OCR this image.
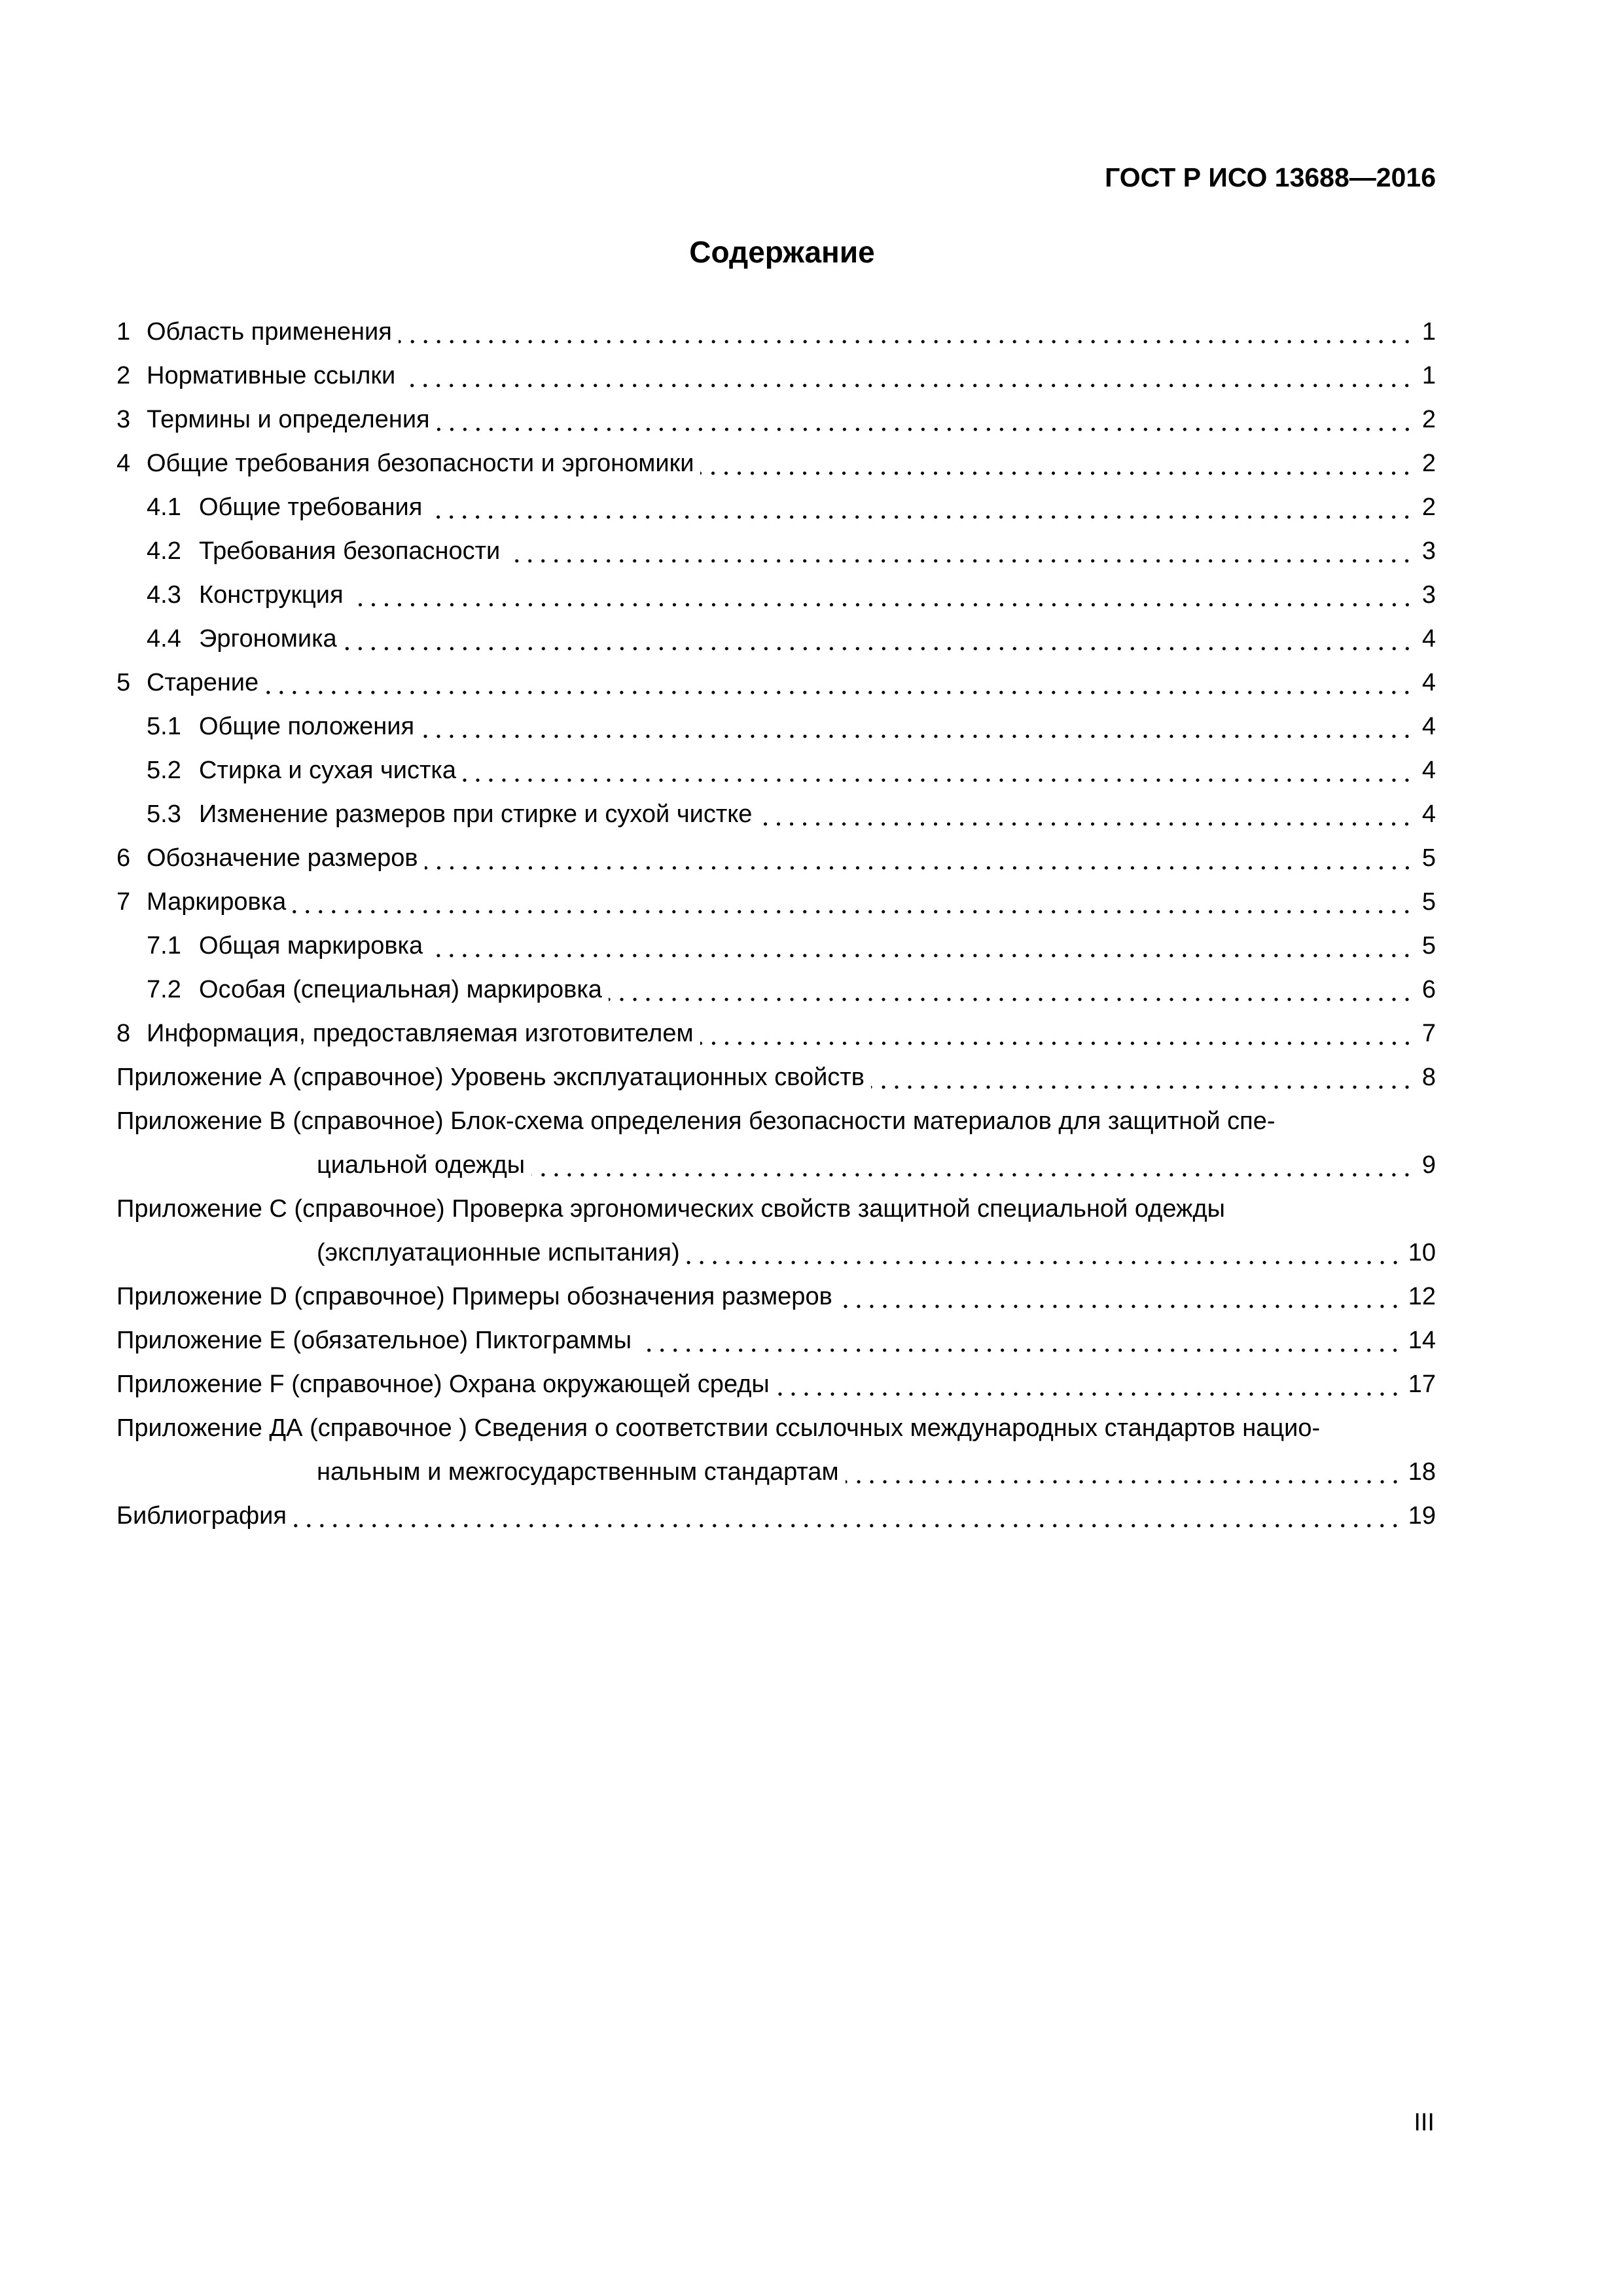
ГОСТ Р ИСО 13688—2016
Содержание
1 Область применения	1
2 Нормативные ссылки	1
3 Термины и определения	2
4 Общие требования безопасности и эргономики	2
4.1 Общие требования	2
4.2 Требования безопасности	3
4.3 Конструкция	3
4.4 Эргономика	4
5 Старение	4
5.1 Общие положения	4
5.2 Стирка и сухая чистка	4
5.3 Изменение размеров при стирке и сухой чистке	4
6 Обозначение размеров	5
7 Маркировка	5
7.1 Общая маркировка	5
7.2 Особая (специальная) маркировка	6
8 Информация, предоставляемая изготовителем	7
Приложение А (справочное) Уровень эксплуатационных свойств	8
Приложение В (справочное) Блок-схема определения безопасности материалов для защитной спе-
циальной одежды	9
Приложение С (справочное) Проверка эргономических свойств защитной специальной одежды
(эксплуатационные испытания)	10
Приложение D (справочное) Примеры обозначения размеров	12
Приложение Е (обязательное) Пиктограммы	14
Приложение F (справочное) Охрана окружающей среды	17
Приложение ДА (справочное ) Сведения о соответствии ссылочных международных стандартов нацио-
нальным и межгосударственным стандартам	18
Библиография	19
III
